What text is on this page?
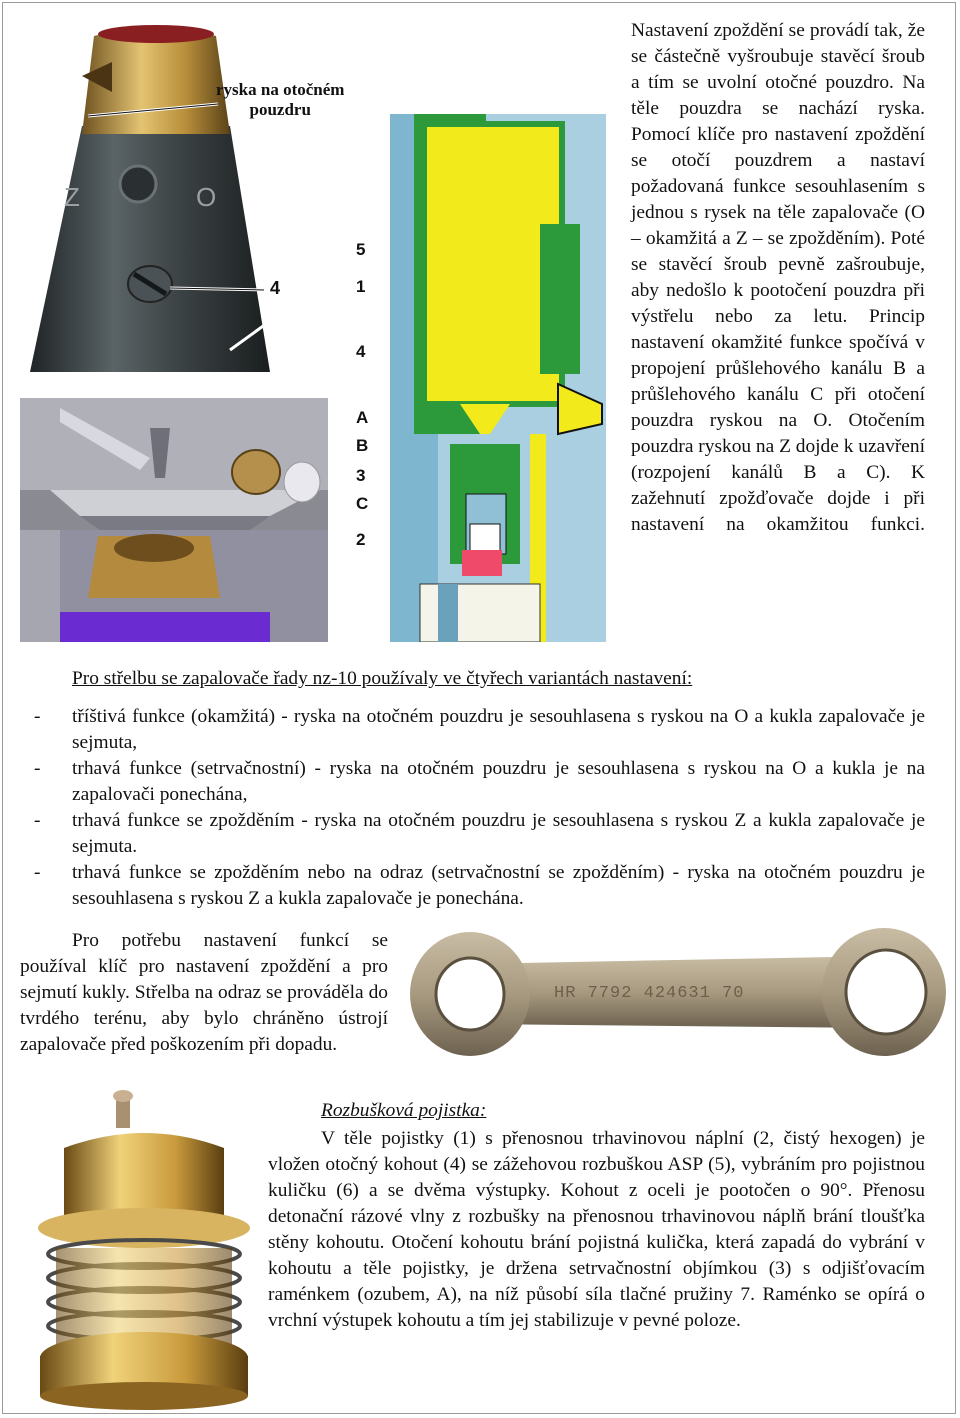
ryska na otočném
pouzdru
Z	O
4
5
1
4
A
B
3
C
2

Nastavení zpoždění se provádí tak, že se částečně vyšroubuje stavěcí šroub a tím se uvolní otočné pouzdro. Na těle pouzdra se nachází ryska. Pomocí klíče pro nastavení zpoždění se otočí pouzdrem a nastaví požadovaná funkce sesouhlasením s jednou s rysek na těle zapalovače (O – okamžitá a Z – se zpožděním). Poté se stavěcí šroub pevně zašroubuje, aby nedošlo k pootočení pouzdra při výstřelu nebo za letu. Princip nastavení okamžité funkce spočívá v propojení průšlehového kanálu B a průšlehového kanálu C při otočení pouzdra ryskou na O. Otočením pouzdra ryskou na Z dojde k uzavření (rozpojení kanálů B a C). K zažehnutí zpožďovače dojde i při nastavení na okamžitou funkci.

Pro střelbu se zapalovače řady nz-10 používaly ve čtyřech variantách nastavení:
- tříštivá funkce (okamžitá) - ryska na otočném pouzdru je sesouhlasena s ryskou na O a kukla zapalovače je sejmuta,
- trhavá funkce (setrvačnostní) - ryska na otočném pouzdru je sesouhlasena s ryskou na O a kukla je na zapalovači ponechána,
- trhavá funkce se zpožděním - ryska na otočném pouzdru je sesouhlasena s ryskou Z a kukla zapalovače je sejmuta.
- trhavá funkce se zpožděním nebo na odraz (setrvačnostní se zpožděním) - ryska na otočném pouzdru je sesouhlasena s ryskou Z a kukla zapalovače je ponechána.

Pro potřebu nastavení funkcí se používal klíč pro nastavení zpoždění a pro sejmutí kukly. Střelba na odraz se prováděla do tvrdého terénu, aby bylo chráněno ústrojí zapalovače před poškozením při dopadu.

HR 7792 424631 70
Rozbušková pojistka:

V těle pojistky (1) s přenosnou trhavinovou náplní (2, čistý hexogen) je vložen otočný kohout (4) se zážehovou rozbuškou ASP (5), vybráním pro pojistnou kuličku (6) a se dvěma výstupky. Kohout z oceli je pootočen o 90°. Přenosu detonační rázové vlny z rozbušky na přenosnou trhavinovou náplň brání tloušťka stěny kohoutu. Otočení kohoutu brání pojistná kulička, která zapadá do vybrání v kohoutu a těle pojistky, je držena setrvačnostní objímkou (3) s odjišťovacím raménkem (ozubem, A), na níž působí síla tlačné pružiny 7. Raménko se opírá o vrchní výstupek kohoutu a tím jej stabilizuje v pevné poloze.
